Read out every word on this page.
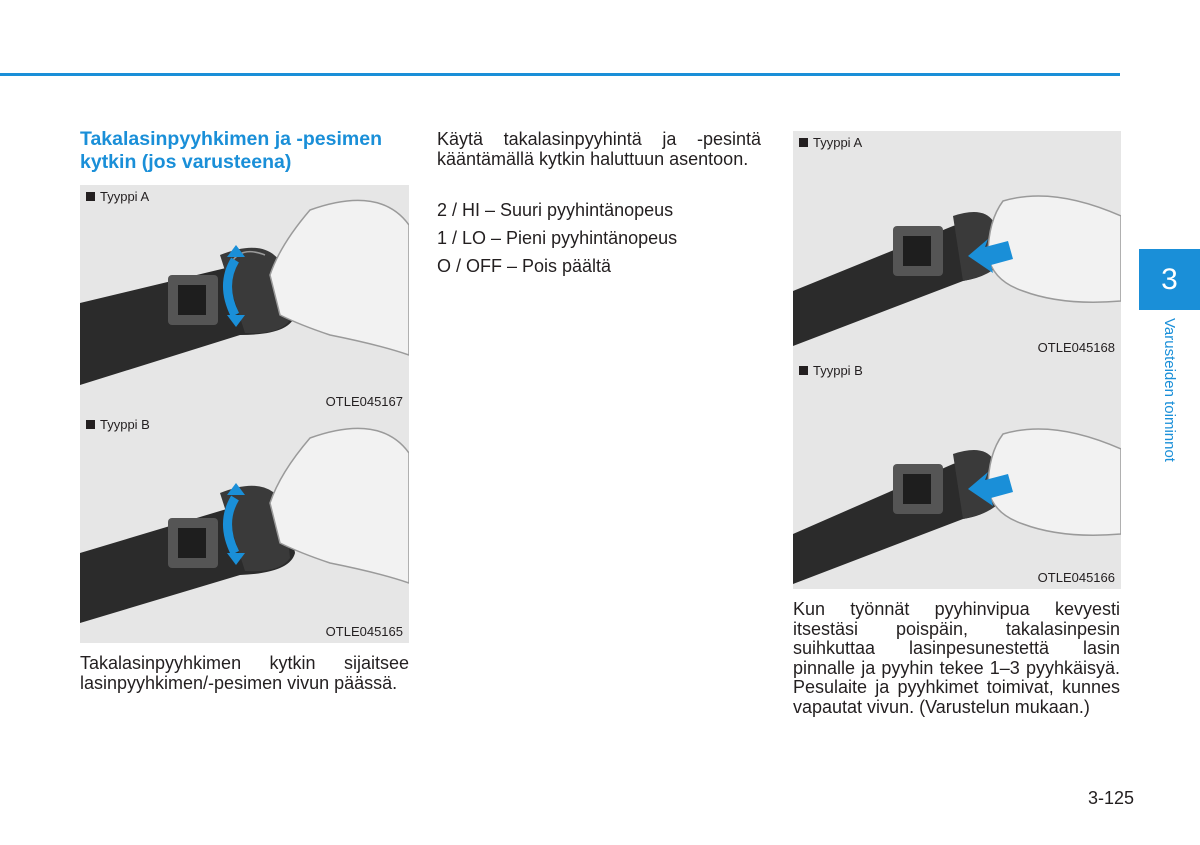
3
Varusteiden toiminnot
Takalasinpyyhkimen ja -pesimen kytkin (jos varusteena)
Tyyppi A
OTLE045167
Tyyppi B
OTLE045165

Takalasinpyyhkimen kytkin sijaitsee lasinpyyhkimen/-pesimen vivun päässä.

Käytä takalasinpyyhintä ja -pesintä kääntämällä kytkin haluttuun asentoon.

2 / HI – Suuri pyyhintänopeus

1 / LO – Pieni pyyhintänopeus

O / OFF – Pois päältä

Tyyppi A
OTLE045168
Tyyppi B
OTLE045166

Kun työnnät pyyhinvipua kevyesti itsestäsi poispäin, takalasinpesin suihkuttaa lasinpesunestettä lasin pinnalle ja pyyhin tekee 1–3 pyyhkäisyä. Pesulaite ja pyyhkimet toimivat, kunnes vapautat vivun. (Varustelun mukaan.)

3-125
